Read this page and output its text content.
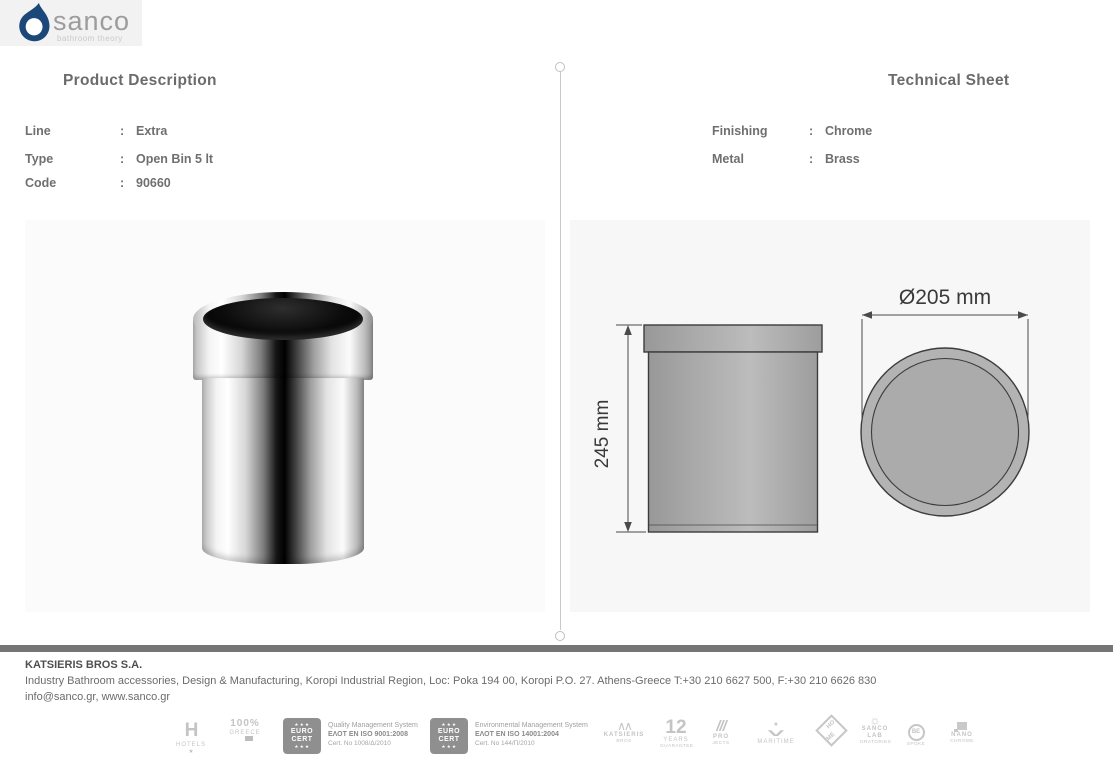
sanco
bathroom theory
Product Description
Line	: Extra
Type	: Open Bin 5 lt
Code	: 90660
Technical Sheet
Finishing	: Chrome
Metal	: Brass
245 mm
Ø205 mm
KATSIERIS BROS S.A.
Industry Bathroom accessories, Design & Manufacturing, Koropi Industrial Region, Loc: Poka 194 00, Koropi P.O. 27. Athens-Greece T:+30 210 6627 500, F:+30 210 6626 830
info@sanco.gr, www.sanco.gr
H
HOTELS
★
100%
GREECE
★ ★ ★
EURO
CERT
★ ★ ★
Quality Management System
ΕΛΟΤ EN ISO 9001:2008
Cert. No 1008/Δ/2010
★ ★ ★
EURO
CERT
★ ★ ★
Environmental Management System
ΕΛΟΤ EN ISO 14001:2004
Cert. No 144/Π/2010
∧∧
KATSIERIS
BROS
12
YEARS
GUARANTEE
///
PRO
JECTS
★
∨
MARITIME
HO

ME
☼
SANCO
LAB
ORATORIES
BE
SPOKE
NANO
CHROME
